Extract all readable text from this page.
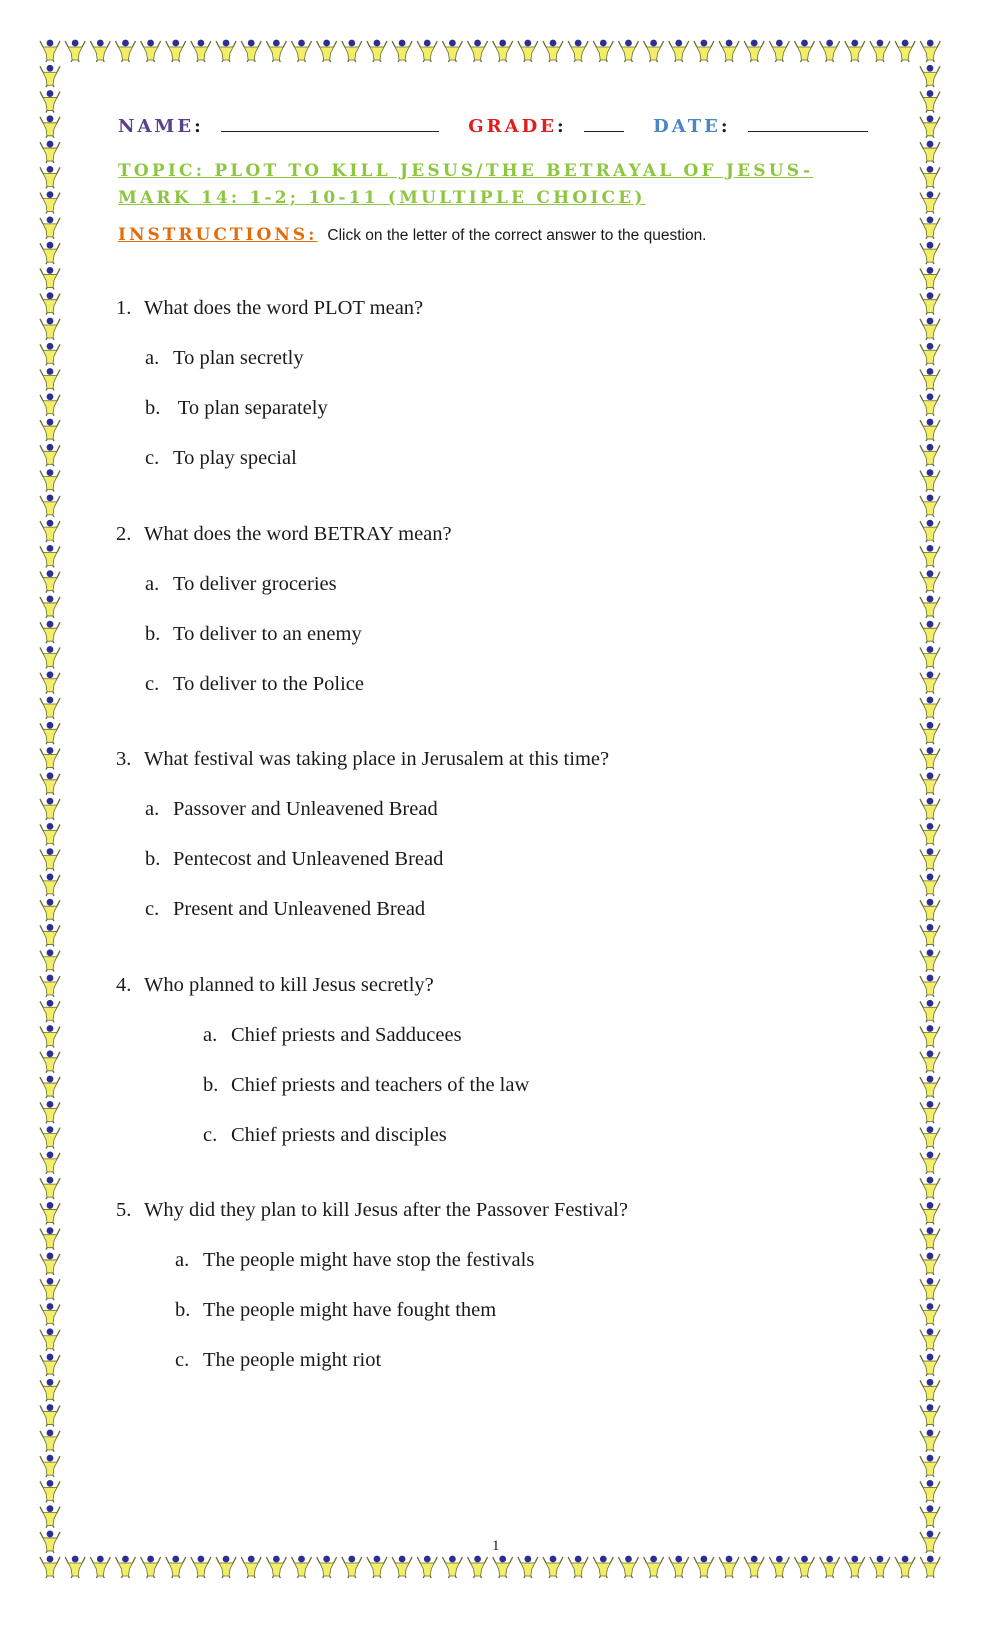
NAME:	GRADE:	DATE:
TOPIC: PLOT TO KILL JESUS/THE BETRAYAL OF JESUS- MARK 14: 1-2; 10-11 (MULTIPLE CHOICE)
INSTRUCTIONS: Click on the letter of the correct answer to the question.
1. What does the word PLOT mean?
a. To plan secretly
b. To plan separately
c. To play special
2. What does the word BETRAY mean?
a. To deliver groceries
b. To deliver to an enemy
c. To deliver to the Police
3. What festival was taking place in Jerusalem at this time?
a. Passover and Unleavened Bread
b. Pentecost and Unleavened Bread
c. Present and Unleavened Bread
4. Who planned to kill Jesus secretly?
a. Chief priests and Sadducees
b. Chief priests and teachers of the law
c. Chief priests and disciples
5. Why did they plan to kill Jesus after the Passover Festival?
a. The people might have stop the festivals
b. The people might have fought them
c. The people might riot
1
